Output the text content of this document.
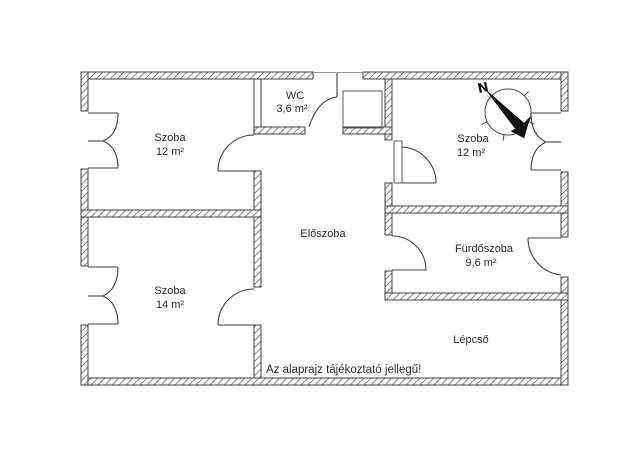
N
Szoba
12 m²
WC
3,6 m²
Szoba
12 m²
Előszoba
Szoba
14 m²
Fürdőszoba
9,6 m²
Lépcső
Az alaprajz tájékoztató jellegű!
